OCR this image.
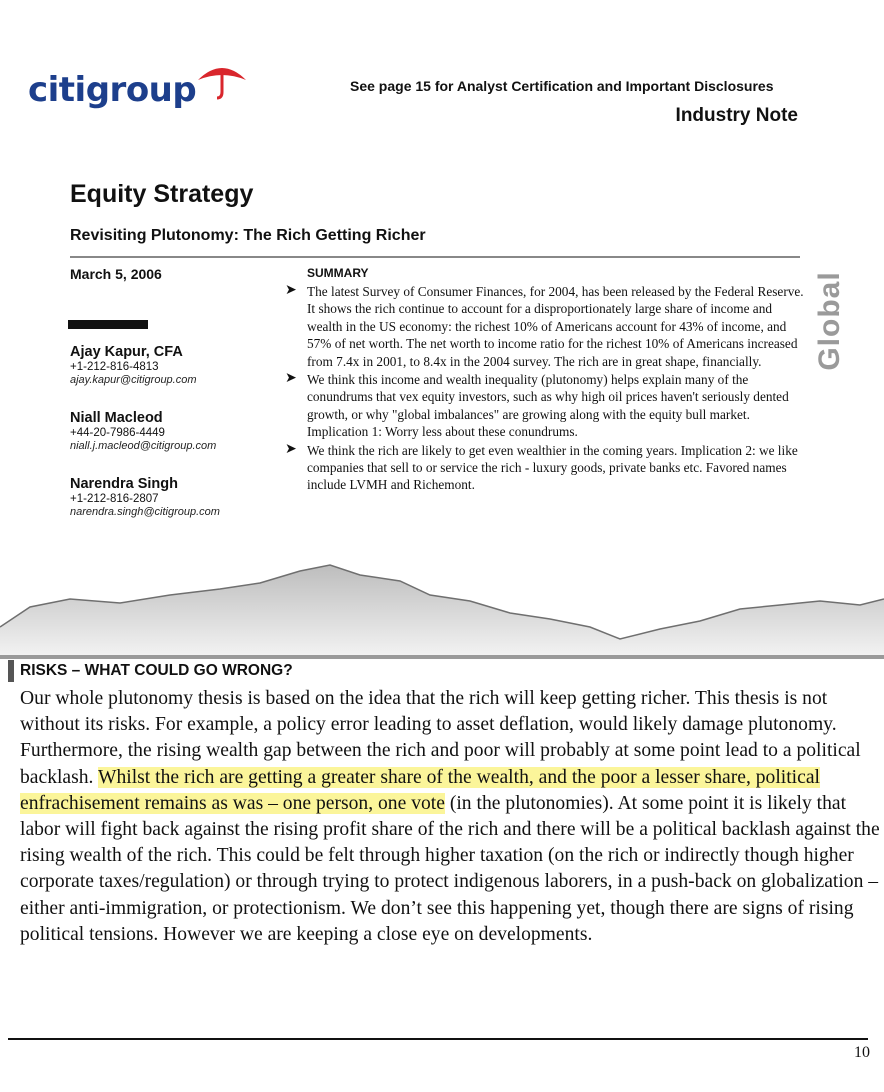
citigroup	See page 15 for Analyst Certification and Important Disclosures
Industry Note
Equity Strategy
Revisiting Plutonomy: The Rich Getting Richer
March 5, 2006
Ajay Kapur, CFA
+1-212-816-4813
ajay.kapur@citigroup.com
Niall Macleod
+44-20-7986-4449
niall.j.macleod@citigroup.com
Narendra Singh
+1-212-816-2807
narendra.singh@citigroup.com
SUMMARY
➤ The latest Survey of Consumer Finances, for 2004, has been released by the Federal Reserve. It shows the rich continue to account for a disproportionately large share of income and wealth in the US economy: the richest 10% of Americans account for 43% of income, and 57% of net worth. The net worth to income ratio for the richest 10% of Americans increased from 7.4x in 2001, to 8.4x in the 2004 survey. The rich are in great shape, financially.
➤ We think this income and wealth inequality (plutonomy) helps explain many of the conundrums that vex equity investors, such as why high oil prices haven't seriously dented growth, or why "global imbalances" are growing along with the equity bull market. Implication 1: Worry less about these conundrums.
➤ We think the rich are likely to get even wealthier in the coming years. Implication 2: we like companies that sell to or service the rich - luxury goods, private banks etc. Favored names include LVMH and Richemont.
Global
RISKS – WHAT COULD GO WRONG?
Our whole plutonomy thesis is based on the idea that the rich will keep getting richer. This thesis is not without its risks. For example, a policy error leading to asset deflation, would likely damage plutonomy. Furthermore, the rising wealth gap between the rich and poor will probably at some point lead to a political backlash. Whilst the rich are getting a greater share of the wealth, and the poor a lesser share, political enfrachisement remains as was – one person, one vote (in the plutonomies). At some point it is likely that labor will fight back against the rising profit share of the rich and there will be a political backlash against the rising wealth of the rich. This could be felt through higher taxation (on the rich or indirectly though higher corporate taxes/regulation) or through trying to protect indigenous laborers, in a push-back on globalization – either anti-immigration, or protectionism. We don’t see this happening yet, though there are signs of rising political tensions. However we are keeping a close eye on developments.
10
